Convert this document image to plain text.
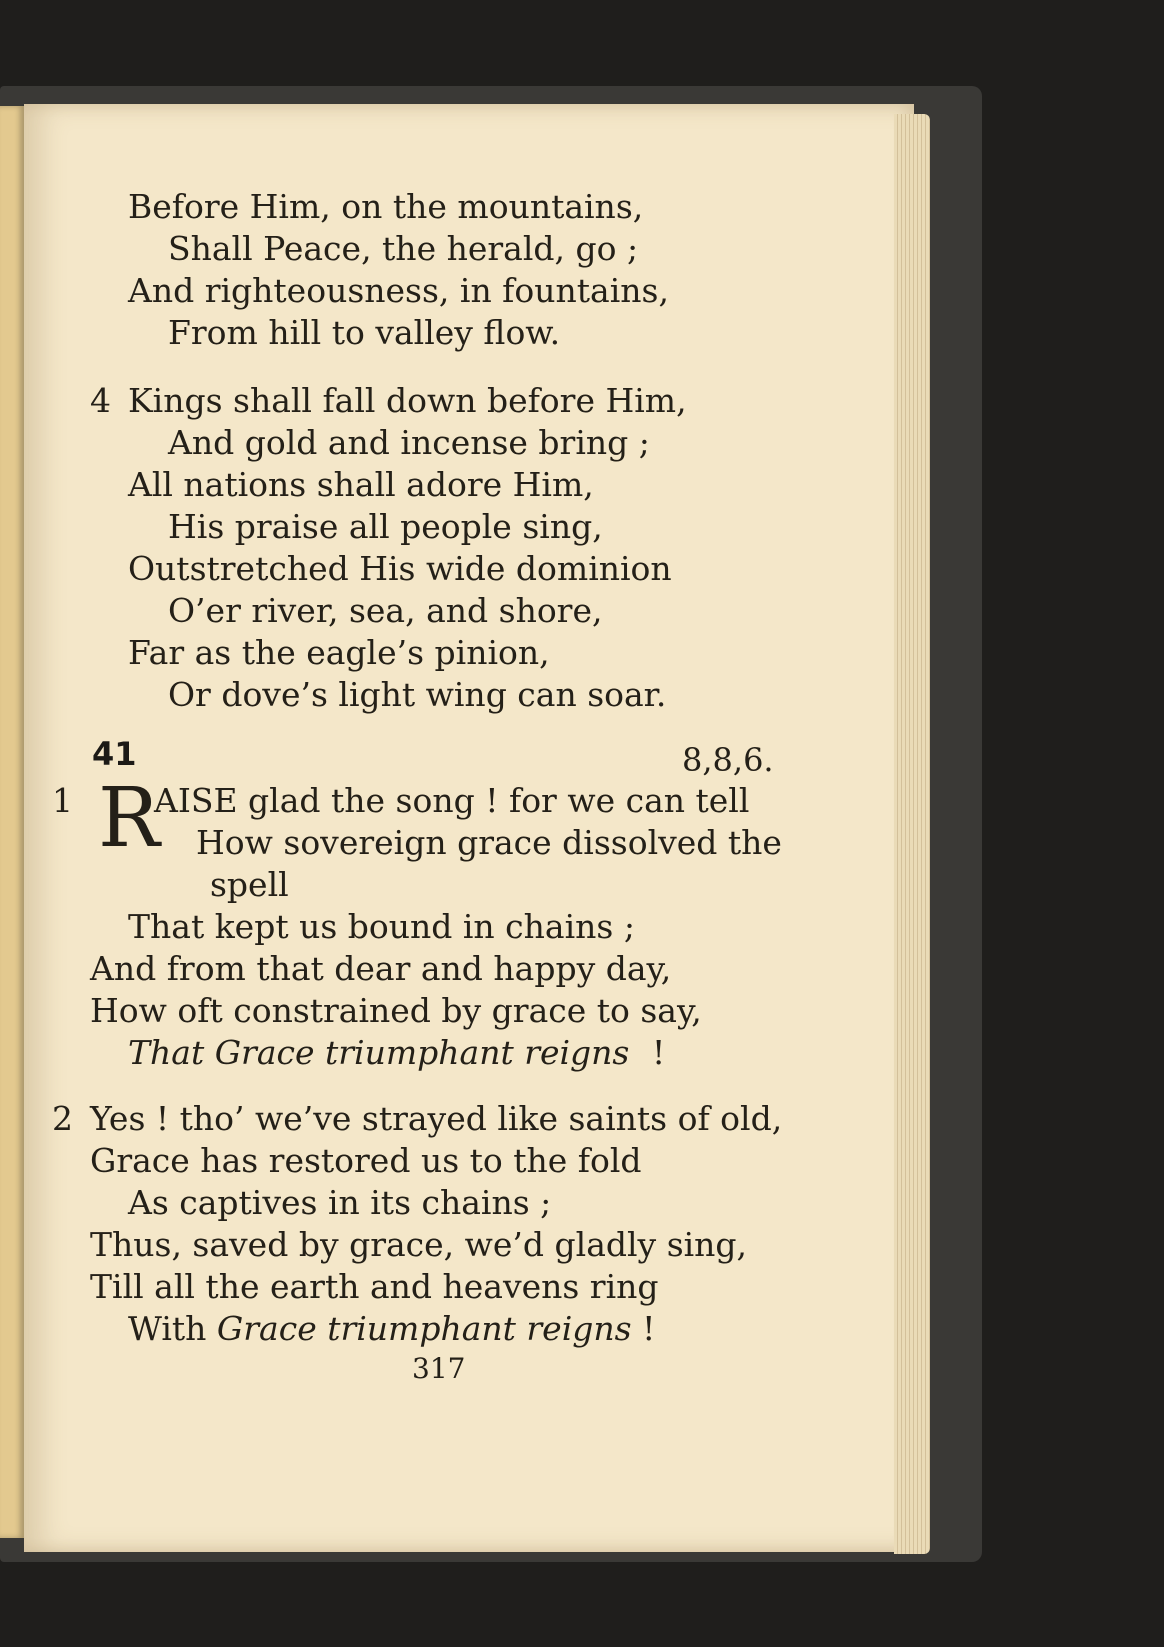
Before Him, on the mountains,
Shall Peace, the herald, go ;
And righteousness, in fountains,
From hill to valley flow.
4 Kings shall fall down before Him,
And gold and incense bring ;
All nations shall adore Him,
His praise all people sing,
Outstretched His wide dominion
O’er river, sea, and shore,
Far as the eagle’s pinion,
Or dove’s light wing can soar.
41	8,8,6.
1 R
AISE glad the song ! for we can tell
How sovereign grace dissolved the
spell
That kept us bound in chains ;
And from that dear and happy day,
How oft constrained by grace to say,
That Grace triumphant reigns !
2 Yes ! tho’ we’ve strayed like saints of old,
Grace has restored us to the fold
As captives in its chains ;
Thus, saved by grace, we’d gladly sing,
Till all the earth and heavens ring
With Grace triumphant reigns !
317
